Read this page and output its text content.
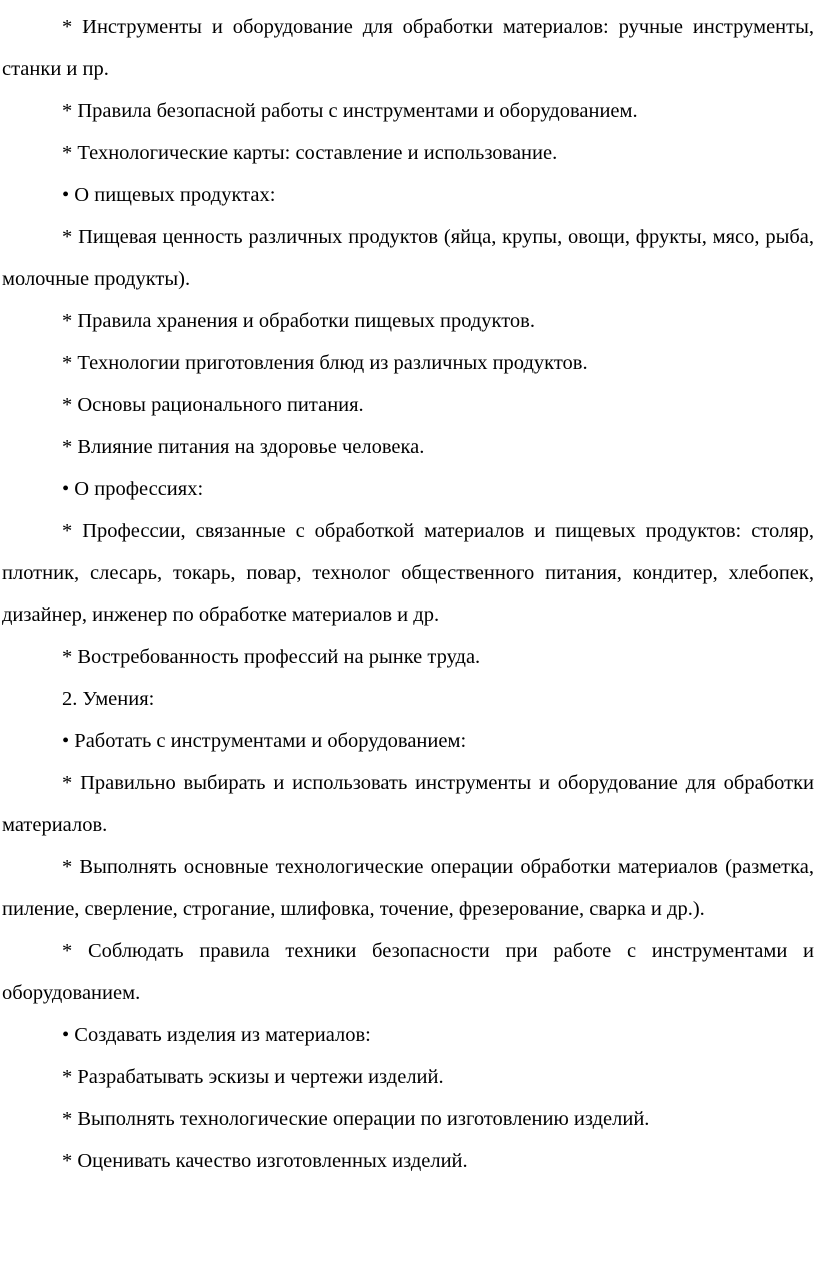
* Инструменты и оборудование для обработки материалов: ручные инструменты, станки и пр.

* Правила безопасной работы с инструментами и оборудованием.

* Технологические карты: составление и использование.

• О пищевых продуктах:

* Пищевая ценность различных продуктов (яйца, крупы, овощи, фрукты, мясо, рыба, молочные продукты).

* Правила хранения и обработки пищевых продуктов.

* Технологии приготовления блюд из различных продуктов.

* Основы рационального питания.

* Влияние питания на здоровье человека.

• О профессиях:

* Профессии, связанные с обработкой материалов и пищевых продуктов: столяр, плотник, слесарь, токарь, повар, технолог общественного питания, кондитер, хлебопек, дизайнер, инженер по обработке материалов и др.

* Востребованность профессий на рынке труда.

2. Умения:

• Работать с инструментами и оборудованием:

* Правильно выбирать и использовать инструменты и оборудование для обработки материалов.

* Выполнять основные технологические операции обработки материалов (разметка, пиление, сверление, строгание, шлифовка, точение, фрезерование, сварка и др.).

* Соблюдать правила техники безопасности при работе с инструментами и оборудованием.

• Создавать изделия из материалов:

* Разрабатывать эскизы и чертежи изделий.

* Выполнять технологические операции по изготовлению изделий.

* Оценивать качество изготовленных изделий.
